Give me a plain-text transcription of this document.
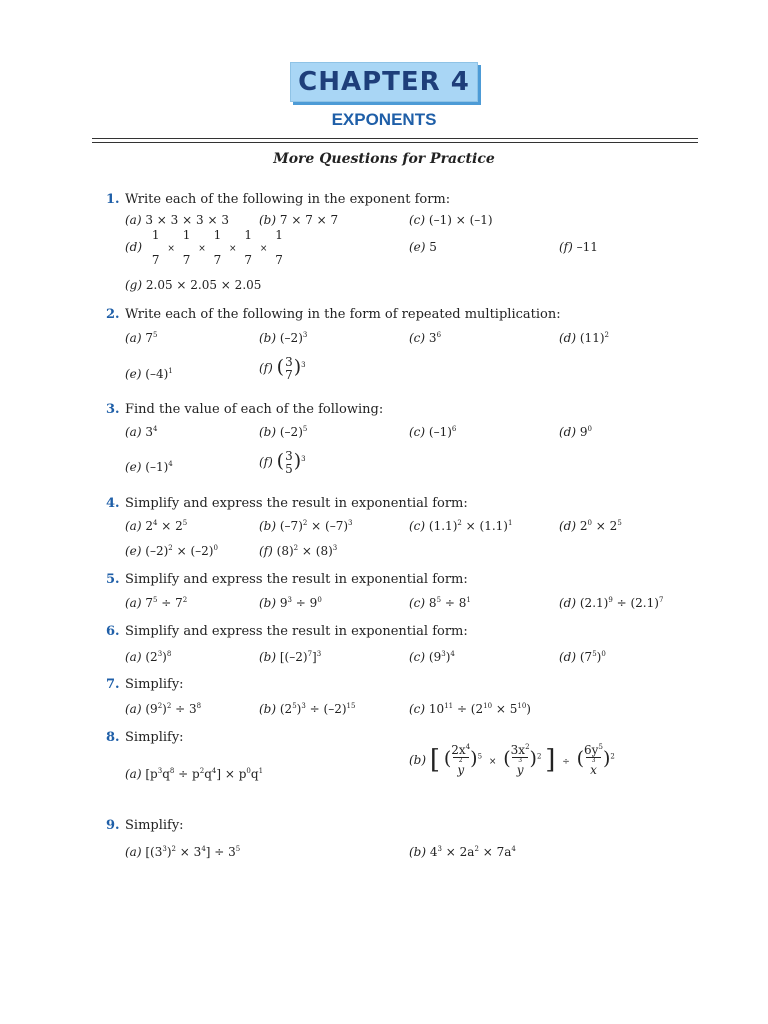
CHAPTER 4
EXPONENTS
More Questions for Practice
1. Write each of the following in the exponent form:
(a) 3 × 3 × 3 × 3	(b) 7 × 7 × 7	(c) (–1) × (–1)
(d)
1
7
×
1
7
×
1
7
×
1
7
×
1
7
(e) 5	(f) –11
(g) 2.05 × 2.05 × 2.05
2. Write each of the following in the form of repeated multiplication:
(a) $7^5$	(b) $(-2)^3$	(c) $3^6$	(d) $(11)^2$
(e) $(-4)^1$	(f) ( 3
7 )$^3$
3. Find the value of each of the following:
(a) $3^4$	(b) $(-2)^5$	(c) $(-1)^6$	(d) $9^0$
(e) $(-1)^4$	(f) ( 3
5 )$^3$
4. Simplify and express the result in exponential form:
(a) $2^4 \times 2^5$	(b) $(-7)^2 \times (-7)^3$	(c) $(1.1)^2 \times (1.1)^1$	(d) $2^0 \times 2^5$
(e) $(-2)^2 \times (-2)^0$	(f) $(8)^2 \times (8)^3$
5. Simplify and express the result in exponential form:
(a) $7^5 \div 7^2$	(b) $9^3 \div 9^0$	(c) $8^5 \div 8^1$	(d) $(2.1)^9 \div (2.1)^7$
6. Simplify and express the result in exponential form:
(a) $(2^3)^8$	(b) $[(-2)^7]^3$	(c) $(9^3)^4$	(d) $(7^5)^0$
7. Simplify:
(a) $(9^2)^2 \div 3^8$	(b) $(2^5)^3 \div (-2)^{15}$	(c) $10^{11} \div (2^{10} \times 5^{10})$
8. Simplify:
(a) $[p^3q^8 \div p^2q^4] \times p^0q^1$
(b) [ ( $2x^4$
2
y
)$^5$ × ( $3x^2$
3
y
)$^2$ ] ÷ ( $6y^5$
3
x
)$^2$
9. Simplify:
(a) $[(3^3)^2 \times 3^4] \div 3^5$	(b) $4^3 \times 2a^2 \times 7a^4$
